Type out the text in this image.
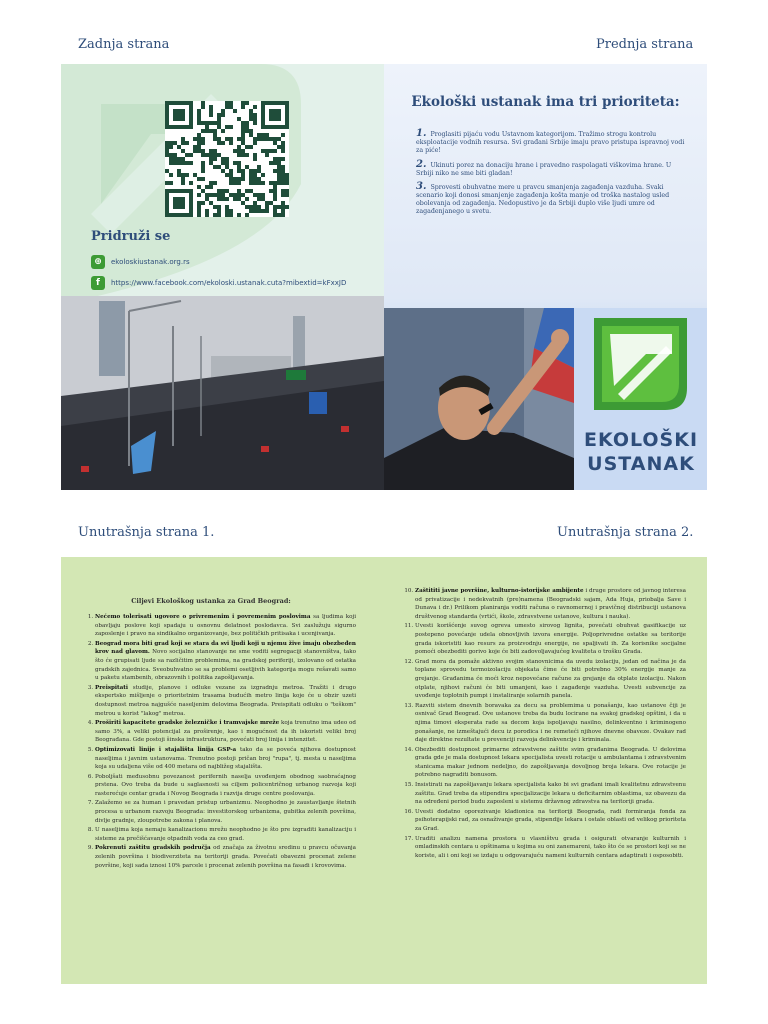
Zadnja strana	Prednja strana
Unutrašnja strana 1.	Unutrašnja strana 2.
Pridruži se
⊕	ekoloskiustanak.org.rs
f	https://www.facebook.com/ekoloski.ustanak.cuta?mibextid=kFxxJD
Ekološki ustanak ima tri prioriteta:
1. Proglasiti pijaću vodu Ustavnom kategorijom. Tražimo strogu kontrolu eksploatacije vodnih resursa. Svi građani Srbije imaju pravo pristupa ispravnoj vodi za piće!
2. Ukinuti porez na donaciju hrane i pravedno raspolagati viškovima hrane. U Srbiji niko ne sme biti gladan!
3. Sprovesti obuhvatne mere u pravcu smanjenja zagađenja vazduha. Svaki scenario koji donosi smanjenje zagađenja košta manje od troška nastalog usled obolevanja od zagađenja. Nedopustivo je da Srbiji duplo više ljudi umre od zagađenjanego u svetu.
EKOLOŠKI
USTANAK
Ciljevi Ekološkog ustanka za Grad Beograd:
1. Nećemo tolerisati ugovore o privremenim i povremenim poslovima sa ljudima koji obavljaju poslove koji spadaju u osnovnu delatnost poslodavca. Svi zaslužuju sigurno zaposlenje i pravo na sindikalno organizovanje, bez političkih pritisaka i ucenjivanja.
2. Beograd mora biti grad koji se stara da svi ljudi koji u njemu žive imaju obezbeđen krov nad glavom. Novo socijalno stanovanje ne sme voditi segregaciji stanovništva, tako što će grupisati ljude sa različitim problemima, na gradskoj periferiji, izolovano od ostatka gradskih zajednica. Sveobuhvatno se sa problemi osetljivih kategorija mogu rešavati samo u paketu stambenih, obrazovnih i politika zapošljavanja.
3. Preispitati studije, planove i odluke vezane za izgradnju metroa. Tražiti i drugo ekspertsko mišljenje o prioritetnim trasama budućih metro linija koje će u obzir uzeti dostupnost metroa najgušće naseljenim delovima Beograda. Preispitati odluku o "teškom" metrou u korist "lakog" metroa.
4. Proširiti kapacitete gradske železničke i tramvajske mreže koja trenutno ima udeo od samo 3%, a veliki potencijal za proširenje, kao i mogućnost da ih iskoristi veliki broj Beograđana. Gde postoji šinska infrastruktura, povećati broj linija i intenzitet.
5. Optimizovati linije i stajališta linija GSP-a tako da se poveća njihova dostupnost naseljima i javnim ustanovama. Trenutno postoji pričan broj "rupa", tj. mesta u naseljima koja su udaljena više od 400 metara od najbližeg stajališta.
6. Poboljšati međusobnu povezanost perifernih naselja uvođenjem obodnog saobraćajnog prstena. Ovo treba da bude u saglasnosti sa ciljem policentričnog urbanog razvoja koji rasterećuje centar grada i Novog Beograda i razvija druge centre poslovanja.
7. Zalažemo se za human i pravedan pristup urbanizmu. Neophodno je zaustavljanje štetnih procesa u urbanom razvoju Beograda: investitorskog urbanizma, gubitka zelenih površina, divlje gradnje, zloupotrebe zakona i planova.
8. U naseljima koja nemaju kanalizacionu mrežu neophodno je što pre izgraditi kanalizaciju i sisteme za prečišćavanje otpadnih voda za ceo grad.
9. Pokrenuti zaštitu gradskih područja od značaja za životnu sredinu u pravcu očuvanja zelenih površina i biodiverziteta na teritoriji grada. Povećati obavezni procenat zelene površine, koji sada iznosi 10% parcele i procenat zelenih površina na fasadi i krovovima.
10. Zaštititi javne površine, kulturno-istorijske ambijente i druge prostore od javnog interesa od privatizacije i nedekvatnih (pre)namena (Beogradski sajam, Ada Huja, priobalja Save i Dunava i dr.) Prilikom planiranja voditi računa o ravnomernoj i pravičnoj distribuciji ustanova društvenog standarda (vrtići, škole, zdravstvene ustanove, kultura i nauka).
11. Uvesti korišćenje suvog ogreva umesto sirovog lignita, povećati obuhvat gasifikacije uz postepeno povećanje udela obnovljivih izvora energije. Poljoprivredne ostatke sa teritorije grada iskoristiti kao resurs za proizvodnju energije, ne spaljivati ih. Za korisnike socijalne pomoći obezbediti gorivo koje će biti zadovoljavajućeg kvaliteta o trošku Grada.
12. Grad mora da pomaže aktivno svojim stanovnicima da uvedu izolaciju, jedan od načina je da toplane sprovedu termoizolaciju objekata čime će biti potrebno 30% energije manje za grejanje. Građanima će moći kroz nepovećane račune za grejanje da otplate izolaciju. Nakon otplate, njihovi računi će biti umanjeni, kao i zagađenje vazduha. Uvesti subvencije za uvođenje toplotnih pumpi i instaliranje solarnih panela.
13. Razviti sistem dnevnih boravaka za decu sa problemima u ponašanju, kao ustanove čiji je osnivač Grad Beograd. Ove ustanove treba da budu locirane na svakoj gradskoj opštini, i da u njima timovi eksperata rade sa decom koja ispoljavaju nasilno, delinkventno i kriminogeno ponašanje, ne izmeštajući decu iz porodica i ne remeteći njihove dnevne obaveze. Ovakav rad daje direktne rezultate u prevenciji razvoja delinkvencije i kriminala.
14. Obezbediti dostupnost primarne zdravstvene zaštite svim građanima Beograda. U delovima grada gde je mala dostupnost lekara specijalista uvesti rotacije u ambulantama i zdravstvenim stanicama makar jednom nedeljno, do zapošljavanja dovoljnog broja lekara. Ove rotacije je potrebno nagraditi bonusom.
15. Insistirati na zapošljavanju lekara specijalista kako bi svi građani imali kvalitetnu zdravstvenu zaštitu. Grad treba da stipendira specijalizacije lekara u deficitarnim oblastima, uz obavezu da na određeni period budu zaposleni u sistemu državnog zdravstva na teritoriji grada.
16. Uvesti dodatno oporezivanje kladionica na teritoriji Beograda, radi formiranja fonda za psihoterapijski rad, za osnaživanje grada, stipendije lekara i ostale oblasti od velikog prioriteta za Grad.
17. Uraditi analizu namena prostora u vlasništvu grada i osigurati otvaranje kulturnih i omladinskih centara u opštinama u kojima su oni zanemareni, tako što će se prostori koji se ne koriste, ali i oni koji se izdaju u odgovarajuću nameni kulturnih centara adaptirati i osposobiti.
